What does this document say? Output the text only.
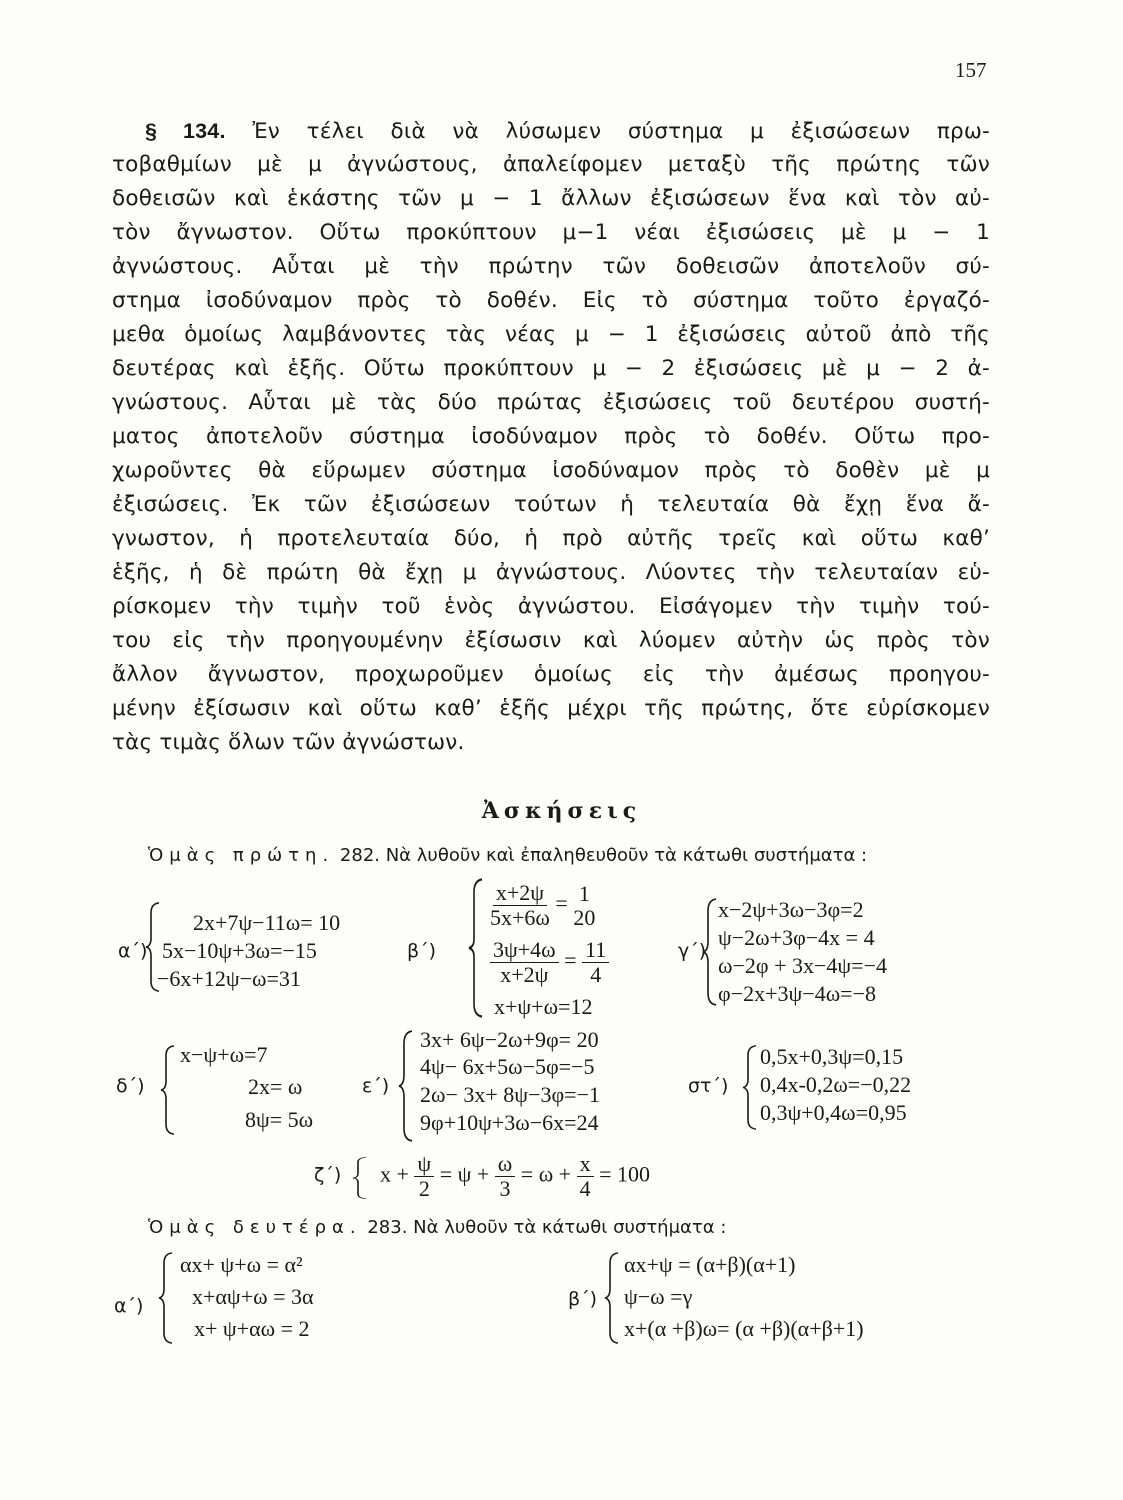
157
§ 134. Ἐν τέλει διὰ νὰ λύσωμεν σύστημα μ ἐξισώσεων πρω-
τοβαθμίων μὲ μ ἀγνώστους, ἀπαλείφομεν μεταξὺ τῆς πρώτης τῶν
δοθεισῶν καὶ ἑκάστης τῶν μ − 1 ἄλλων ἐξισώσεων ἕνα καὶ τὸν αὐ-
τὸν ἄγνωστον. Οὕτω προκύπτουν μ−1 νέαι ἐξισώσεις μὲ μ − 1
ἀγνώστους. Αὗται μὲ τὴν πρώτην τῶν δοθεισῶν ἀποτελοῦν σύ-
στημα ἰσοδύναμον πρὸς τὸ δοθέν. Εἰς τὸ σύστημα τοῦτο ἐργαζό-
μεθα ὁμοίως λαμβάνοντες τὰς νέας μ − 1 ἐξισώσεις αὐτοῦ ἀπὸ τῆς
δευτέρας καὶ ἑξῆς. Οὕτω προκύπτουν μ − 2 ἐξισώσεις μὲ μ − 2 ἀ-
γνώστους. Αὗται μὲ τὰς δύο πρώτας ἐξισώσεις τοῦ δευτέρου συστή-
ματος ἀποτελοῦν σύστημα ἰσοδύναμον πρὸς τὸ δοθέν. Οὕτω προ-
χωροῦντες θὰ εὕρωμεν σύστημα ἰσοδύναμον πρὸς τὸ δοθὲν μὲ μ
ἐξισώσεις. Ἐκ τῶν ἐξισώσεων τούτων ἡ τελευταία θὰ ἔχῃ ἕνα ἄ-
γνωστον, ἡ προτελευταία δύο, ἡ πρὸ αὐτῆς τρεῖς καὶ οὕτω καθ’
ἑξῆς, ἡ δὲ πρώτη θὰ ἔχῃ μ ἀγνώστους. Λύοντες τὴν τελευταίαν εὑ-
ρίσκομεν τὴν τιμὴν τοῦ ἑνὸς ἀγνώστου. Εἰσάγομεν τὴν τιμὴν τού-
του εἰς τὴν προηγουμένην ἐξίσωσιν καὶ λύομεν αὐτὴν ὡς πρὸς τὸν
ἄλλον ἄγνωστον, προχωροῦμεν ὁμοίως εἰς τὴν ἀμέσως προηγου-
μένην ἐξίσωσιν καὶ οὕτω καθ’ ἑξῆς μέχρι τῆς πρώτης, ὅτε εὑρίσκομεν
τὰς τιμὰς ὅλων τῶν ἀγνώστων.
Ἀσκήσεις
Ὁμὰς πρώτη. 282. Νὰ λυθοῦν καὶ ἐπαληθευθοῦν τὰ κάτωθι συστήματα :
α΄)
2x+7ψ−11ω= 10
5x−10ψ+3ω=−15
−6x+12ψ−ω=31
β΄)
$\frac{x+2\psi}{5x+6\omega} = 1$
20
$\frac{3\psi+4\omega}{x+2\psi} = \frac{11}{4}$
x+ψ+ω=12
γ΄)
x−2ψ+3ω−3φ=2
ψ−2ω+3φ−4x = 4
ω−2φ + 3x−4ψ=−4
φ−2x+3ψ−4ω=−8
δ΄)
x−ψ+ω=7
2x= ω
8ψ= 5ω
ε΄)
3x+ 6ψ−2ω+9φ= 20
4ψ− 6x+5ω−5φ=−5
2ω− 3x+ 8ψ−3φ=−1
9φ+10ψ+3ω−6x=24
στ΄)
0,5x+0,3ψ=0,15
0,4x-0,2ω=−0,22
0,3ψ+0,4ω=0,95
ζ΄) $x + \frac{\psi}{2} = \psi + \frac{\omega}{3} = \omega + \frac{x}{4} = 100$
Ὁμὰς δευτέρα. 283. Νὰ λυθοῦν τὰ κάτωθι συστήματα :
α΄)
αx+ ψ+ω = α²
x+αψ+ω = 3α
x+ ψ+αω = 2
β΄)
αx+ψ = (α+β)(α+1)
ψ−ω =γ
x+(α +β)ω= (α +β)(α+β+1)
